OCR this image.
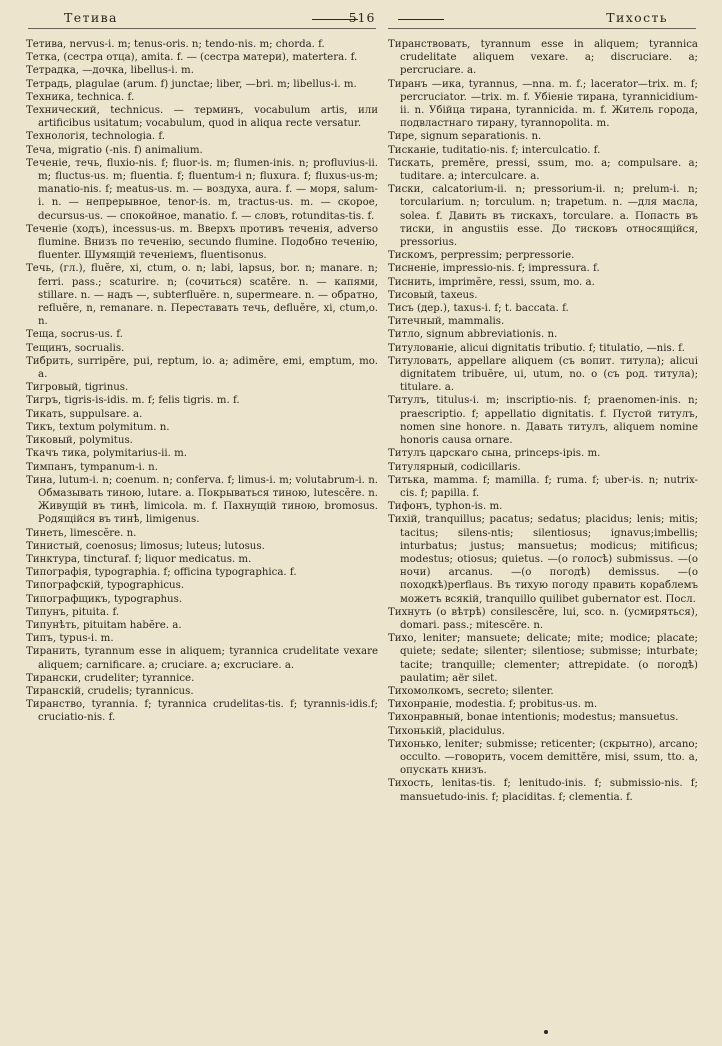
Тетива	516	Тихость

Тетива, nervus-i. m; tenus-oris. n; tendo-nis. m; chorda. f.

Тетка, (сестра отца), amita. f. — (сестра матери), matertera. f.

Тетрадка, —дочка, libellus-i. m.

Тетрадь, plagulae (arum. f) junctae; liber, —bri. m; libellus-i. m.

Техника, technica. f.

Технический, technicus. — терминъ, vocabulum artis, или artificibus usitatum; vocabulum, quod in aliqua recte versatur.

Технологія, technologia. f.

Теча, migratio (-nis. f) animalium.

Теченіе, течь, fluxio-nis. f; fluor-is. m; flumen-inis. n; profluvius-ii. m; fluctus-us. m; fluentia. f; fluentum-i n; fluxura. f; fluxus-us-m; manatio-nis. f; meatus-us. m. — воздуха, aura. f. — моря, salum-i. n. — непрерывное, tenor-is. m, tractus-us. m. — скорое, decursus-us. — спокойное, manatio. f. — словъ, rotunditas-tis. f.

Теченіе (ходъ), incessus-us. m. Вверхъ противъ теченія, adverso flumine. Внизъ по теченію, secundo flumine. Подобно теченію, fluenter. Шумящій теченіемъ, fluentisonus.

Течь, (гл.), fluĕre, xi, ctum, o. n; labi, lapsus, bor. n; manare. n; ferri. pass.; scaturire. n; (сочиться) scatĕre. n. — капями, stillare. n. — надъ —, subterfluĕre. n, supermeare. n. — обратно, refluĕre, n, remanare. n. Переставать течь, defluĕre, xi, ctum,o. n.

Теща, socrus-us. f.

Тещинъ, socrualis.

Тибрить, surripĕre, pui, reptum, io. a; adimĕre, emi, emptum, mo. a.

Тигровый, tigrinus.

Тигръ, tigris-is-idis. m. f; felis tigris. m. f.

Тикать, suppulsare. a.

Тикъ, textum polymitum. n.

Тиковый, polymitus.

Ткачъ тика, polymitarius-ii. m.

Тимпанъ, tympanum-i. n.

Тина, lutum-i. n; coenum. n; conferva. f; limus-i. m; volutabrum-i. n. Обмазывать тиною, lutare. a. Покрываться тиною, lutescĕre. n. Живущій въ тинѣ, limicola. m. f. Пахнущій тиною, bromosus. Родящійся въ тинѣ, limigenus.

Тинеть, limescĕre. n.

Тинистый, coenosus; limosus; luteus; lutosus.

Тинктура, tincturaf. f; liquor medicatus. m.

Типографія, typographia. f; officina typographica. f.

Типографскій, typographicus.

Типографщикъ, typographus.

Типунъ, pituita. f.

Типунѣть, pituitam habĕre. a.

Типъ, typus-i. m.

Тиранить, tyrannum esse in aliquem; tyrannica crudelitate vexare aliquem; carnificare. a; cruciare. a; excruciare. a.

Тирански, crudeliter; tyrannice.

Тиранскій, crudelis; tyrannicus.

Тиранство, tyrannia. f; tyrannica crudelitas-tis. f; tyrannis-idis.f; cruciatio-nis. f.

Тиранствовать, tyrannum esse in aliquem; tyrannica crudelitate aliquem vexare. a; discruciare. a; percruciare. a.

Тиранъ —ика, tyrannus, —nna. m. f.; lacerator—trix. m. f; percruciator. —trix. m. f. Убіеніе тирана, tyrannicidium-ii. n. Убійца тирана, tyrannicida. m. f. Житель города, подвластнаго тирану, tyrannopolita. m.

Тире, signum separationis. n.

Тисканіе, tuditatio-nis. f; interculcatio. f.

Тискать, premĕre, pressi, ssum, mo. a; compulsare. a; tuditare. a; interculcare. a.

Тиски, calcatorium-ii. n; pressorium-ii. n; prelum-i. n; torcularium. n; torculum. n; trapetum. n. —для масла, solea. f. Давить въ тискахъ, torculare. a. Попасть въ тиски, in angustiis esse. До тисковъ относящійся, pressorius.

Тискомъ, perpressim; perpressorie.

Тисненіе, impressio-nis. f; impressura. f.

Тиснить, imprimĕre, ressi, ssum, mo. a.

Тисовый, taxeus.

Тисъ (дер.), taxus-i. f; t. baccata. f.

Титечный, mammalis.

Титло, signum abbreviationis. n.

Титулованіе, alicui dignitatis tributio. f; titulatio, —nis. f.

Титуловать, appellare aliquem (съ вопит. титула); alicui dignitatem tribuĕre, ui, utum, no. o (съ род. титула); titulare. a.

Титулъ, titulus-i. m; inscriptio-nis. f; praenomen-inis. n; praescriptio. f; appellatio dignitatis. f. Пустой титулъ, nomen sine honore. n. Давать титулъ, aliquem nomine honoris causa ornare.

Титулъ царскаго сына, princeps-ipis. m.

Титулярный, codicillaris.

Титька, mamma. f; mamilla. f; ruma. f; uber-is. n; nutrix-cis. f; papilla. f.

Тифонъ, typhon-is. m.

Тихій, tranquillus; pacatus; sedatus; placidus; lenis; mitis; tacitus; silens-ntis; silentiosus; ignavus;imbellis; inturbatus; justus; mansuetus; modicus; mitificus; modestus; otiosus; quietus. —(о голосѣ) submissus. —(о ночи) arcanus. —(о погодѣ) demissus. —(о походкѣ)perflaus. Въ тихую погоду править кораблемъ можетъ всякій, tranquillo quilibet gubernator est. Посл.

Тихнуть (о вѣтрѣ) consilescĕre, lui, sco. n. (усмиряться), domari. pass.; mitescĕre. n.

Тихо, leniter; mansuete; delicate; mite; modice; placate; quiete; sedate; silenter; silentiose; submisse; inturbate; tacite; tranquille; clementer; attrepidate. (о погодѣ) paulatim; aër silet.

Тихомолкомъ, secreto; silenter.

Тихонраніе, modestia. f; probitus-us. m.

Тихонравный, bonae intentionis; modestus; mansuetus.

Тихонькій, placidulus.

Тихонько, leniter; submisse; reticenter; (скрытно), arcano; occulto. —говорить, vocem demittĕre, misi, ssum, tto. a, опускать книзъ.

Тихость, lenitas-tis. f; lenitudo-inis. f; submissio-nis. f; mansuetudo-inis. f; placiditas. f; clementia. f.
